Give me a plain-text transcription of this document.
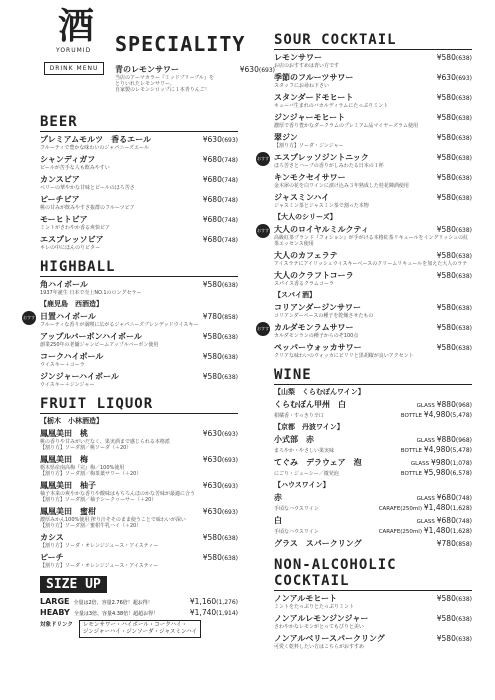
酒
YORUMID
DRINK MENU
SPECIALITY
青のレモンサワー	¥630(693)
当店のアーマカラー『ミッドブリーブル』を
とりいれたレモンサワー。
自家製のレモンシロップに１本青りんご！
BEER
プレミアムモルツ　香るエール	¥630(693)
フルーティで豊かな味わいのジャパニーズエール
シャンディガフ	¥680(748)
ビールが苦手な人も飲みやすい
カンスビア	¥680(748)
ベリーの華やかな甘味とビールのほろ苦さ
ピーチビア	¥680(748)
桃の甘みが飲みやすさ抜群のフルーツビア
モーヒトビア	¥680(748)
ミントがさわやか香る爽快ビア
エスプレッソビア	¥680(748)
キレの中にほんのりビター
HIGHBALL
角ハイボール	¥580(638)
1937年誕生 日本で売上NO.1のロングセラー
【鹿児島　西酒造】
おすすめ
日置ハイボール	¥780(858)
フルーティな香りが満喫に広がるジャパニーズブレンデッドウイスキー
アップルバーボンハイボール	¥580(638)
創業250年の老舗ジャンビームアップルバーボン使用
コークハイボール	¥580(638)
ウイスキー＋コーラ
ジンジャーハイボール	¥580(638)
ウイスキー＋ジンジャー
FRUIT LIQUOR
【栃木　小林酒造】
鳳凰美田　桃	¥630(693)
桃の香りや甘みがいだなく、果実酒まで感じられる本格派
【割り方】ソーダ割／桃ソーダ（＋20）
鳳凰美田　梅	¥630(693)
栃木県産南高梅『完』梅／100%使用
【割り方】ソーダ割／梅茶葉サワー（＋20）
鳳凰美田　柚子	¥630(693)
柚子本来の爽やかな香りや酸味はもちろんほのかな苦味が最適に合う
【割り方】ソーダ割／柚子シークヮーサー（＋20）
鳳凰美田　蜜柑	¥630(693)
濃厚みかん100%使用 搾り汁そそのまま使うことで味わいが深い
【割り方】ソーダ割／蜜柑牛乳ハイ（＋20）
カシス	¥580(638)
【割り方】ソーダ・オレンジジュース・アイスティー
ピーチ	¥580(638)
【割り方】ソーダ・オレンジジュース・アイスティー
SIZE UP
LARGE 全量は2倍、容量2.76倍！超お得！	¥1,160(1,276)
HEABY 全量は3倍、容量4.38倍！超超お得！	¥1,740(1,914)
対象ドリンク	レモンサワー・ハイボール・コークハイ・
ジンジャーハイ・ジンソーダ・ジャスミンハイ
SOUR COCKTAIL
レモンサワー	¥580(638)
お店のおすすめは青い方です
季節のフルーツサワー	¥630(693)
スタッフにお尋ね下さい
スタンダードモヒート	¥580(638)
キューバ生まれのバカルディラムにたっぷりミント
ジンジャーモヒート	¥580(638)
濃厚で香り豊かなダークラムのプレミアム品マイヤーズラム使用
翠ジン	¥580(638)
【割り方】ソーダ・ジンジャー
おすすめ
エスプレッソジントニック	¥580(638)
ほろ苦さとハーブの香りがしみわたる日本の１杯
キンモクセイサワー	¥580(638)
金木犀の花を白ワインに漬け込み３年熟成した桂花陳酒使用
ジャスミンハイ	¥580(638)
ジャスミン茶とジャスミン茶で割った本物
【大人のシリーズ】
おすすめ
大人のロイヤルミルクティ	¥580(638)
高級紅茶ブランド『フォション』が手がける本格紅茶リキュールをイングリッシュの紅茶エッセンス使用
大人のカフェラテ	¥580(638)
アイスラテにアイリッシュウイスキーベースのクリームリキュールを加えた大人のラテ
大人のクラフトコーラ	¥580(638)
スパイス香るクラムコーラ
【スパイ酒】
コリアンダージンサワー	¥580(638)
コリアンダーベースの種子を乾燥させたもの
おすすめ
カルダモンラムサワー	¥580(638)
カルダモンランの種子からのぞ100点
ペッパーウォッカサワー	¥580(638)
クリアな味わいのウォッカにピリリと黒胡椒が良いアクセント
WINE
【山梨　くらむぼんワイン】
くらむぼん甲州　白	GLASS ¥880(968)
柑橘香・すっきり辛口	BOTTLE ¥4,980(5,478)
【京都　丹波ワイン】
小式部　赤	GLASS ¥880(968)
まろやか・やさしい果実味	BOTTLE ¥4,980(5,478)
てぐみ　デラウェア　泡	GLASS ¥980(1,078)
にごり・ジューシー／微発泡	BOTTLE ¥5,980(6,578)
【ハウスワイン】
赤	GLASS ¥680(748)
手頃なハウスワイン	CARAFE(250ml) ¥1,480(1,628)
白	GLASS ¥680(748)
手頃なハウスワイン	CARAFE(250ml) ¥1,480(1,628)
グラス　スパークリング	¥780(858)
NON-ALCOHOLIC COCKTAIL
ノンアルモヒート	¥580(638)
ミントをたっぷりとたっぷりミント
ノンアルレモンジンジャー	¥580(638)
さわやかなレモンがとってもびりと美い
ノンアルベリースパークリング	¥580(638)
可愛く乾杯したい方はこちらがおすすめ
